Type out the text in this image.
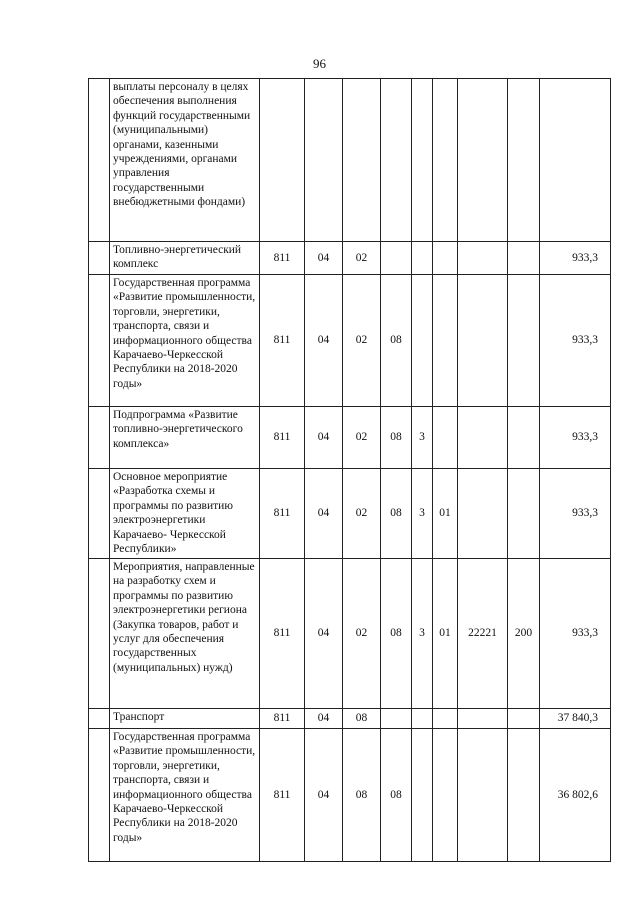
96
	выплаты персоналу в целях обеспечения выполнения функций государственными (муниципальными) органами, казенными учреждениями, органами управления государственными внебюджетными фондами)									
	Топливно-энергетический комплекс	811	04	02						933,3
	Государственная программа «Развитие промышленности, торговли, энергетики, транспорта, связи и информационного общества Карачаево-Черкесской Республики на 2018-2020 годы»	811	04	02	08					933,3
	Подпрограмма «Развитие топливно-энергетического комплекса»	811	04	02	08	3				933,3
	Основное мероприятие «Разработка схемы и программы по развитию электроэнергетики Карачаево- Черкесской Республики»	811	04	02	08	3	01			933,3
	Мероприятия, направленные на разработку схем и программы по развитию электроэнергетики региона (Закупка товаров, работ и услуг для обеспечения государственных (муниципальных) нужд)	811	04	02	08	3	01	22221	200	933,3
	Транспорт	811	04	08						37 840,3
	Государственная программа «Развитие промышленности, торговли, энергетики, транспорта, связи и информационного общества Карачаево-Черкесской Республики на 2018-2020 годы»	811	04	08	08					36 802,6
